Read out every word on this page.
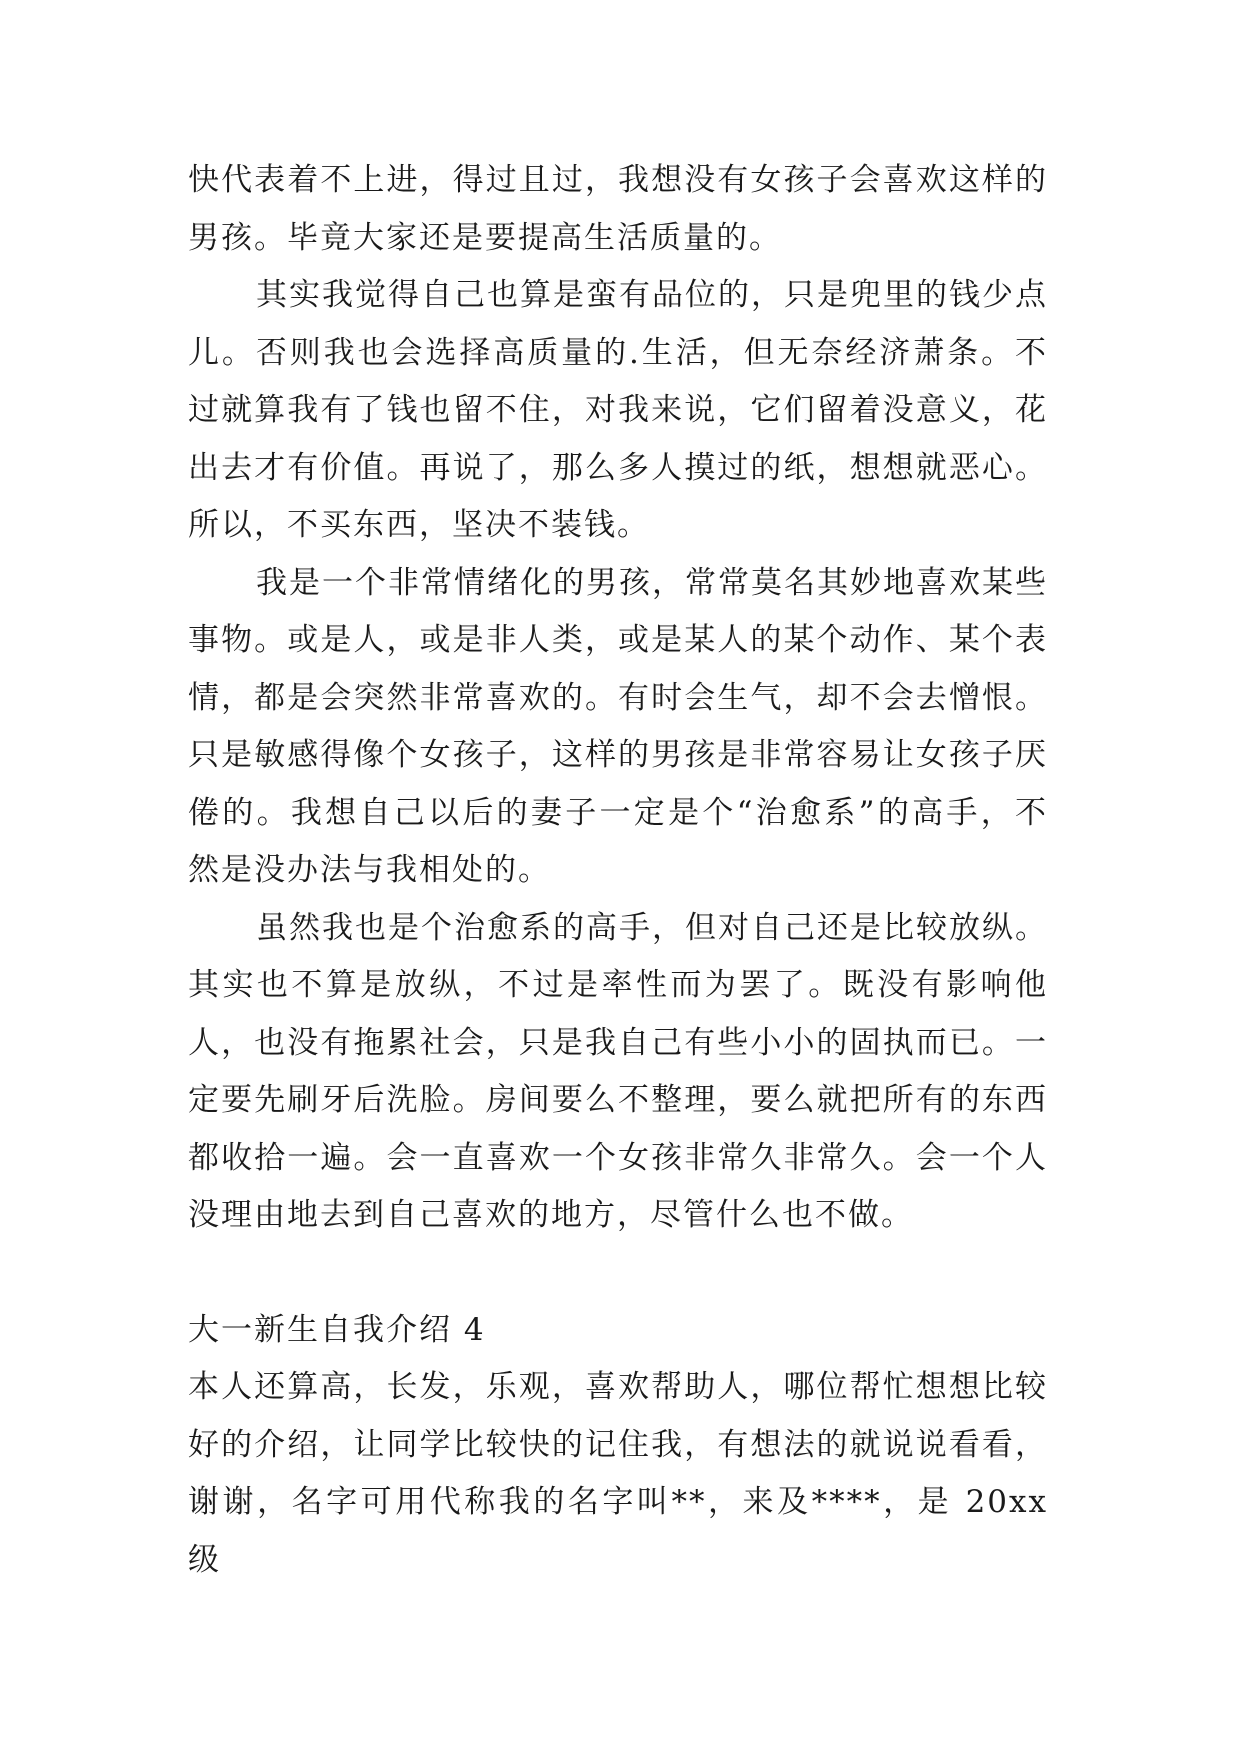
快代表着不上进，得过且过，我想没有女孩子会喜欢这样的男孩。毕竟大家还是要提高生活质量的。

其实我觉得自己也算是蛮有品位的，只是兜里的钱少点儿。否则我也会选择高质量的.生活，但无奈经济萧条。不过就算我有了钱也留不住，对我来说，它们留着没意义，花出去才有价值。再说了，那么多人摸过的纸，想想就恶心。所以，不买东西，坚决不装钱。

我是一个非常情绪化的男孩，常常莫名其妙地喜欢某些事物。或是人，或是非人类，或是某人的某个动作、某个表情，都是会突然非常喜欢的。有时会生气，却不会去憎恨。只是敏感得像个女孩子，这样的男孩是非常容易让女孩子厌倦的。我想自己以后的妻子一定是个“治愈系”的高手，不然是没办法与我相处的。

虽然我也是个治愈系的高手，但对自己还是比较放纵。其实也不算是放纵，不过是率性而为罢了。既没有影响他人，也没有拖累社会，只是我自己有些小小的固执而已。一定要先刷牙后洗脸。房间要么不整理，要么就把所有的东西都收拾一遍。会一直喜欢一个女孩非常久非常久。会一个人没理由地去到自己喜欢的地方，尽管什么也不做。

大一新生自我介绍 4

本人还算高，长发，乐观，喜欢帮助人，哪位帮忙想想比较好的介绍，让同学比较快的记住我，有想法的就说说看看，谢谢，名字可用代称我的名字叫**，来及****，是 20xx 级
